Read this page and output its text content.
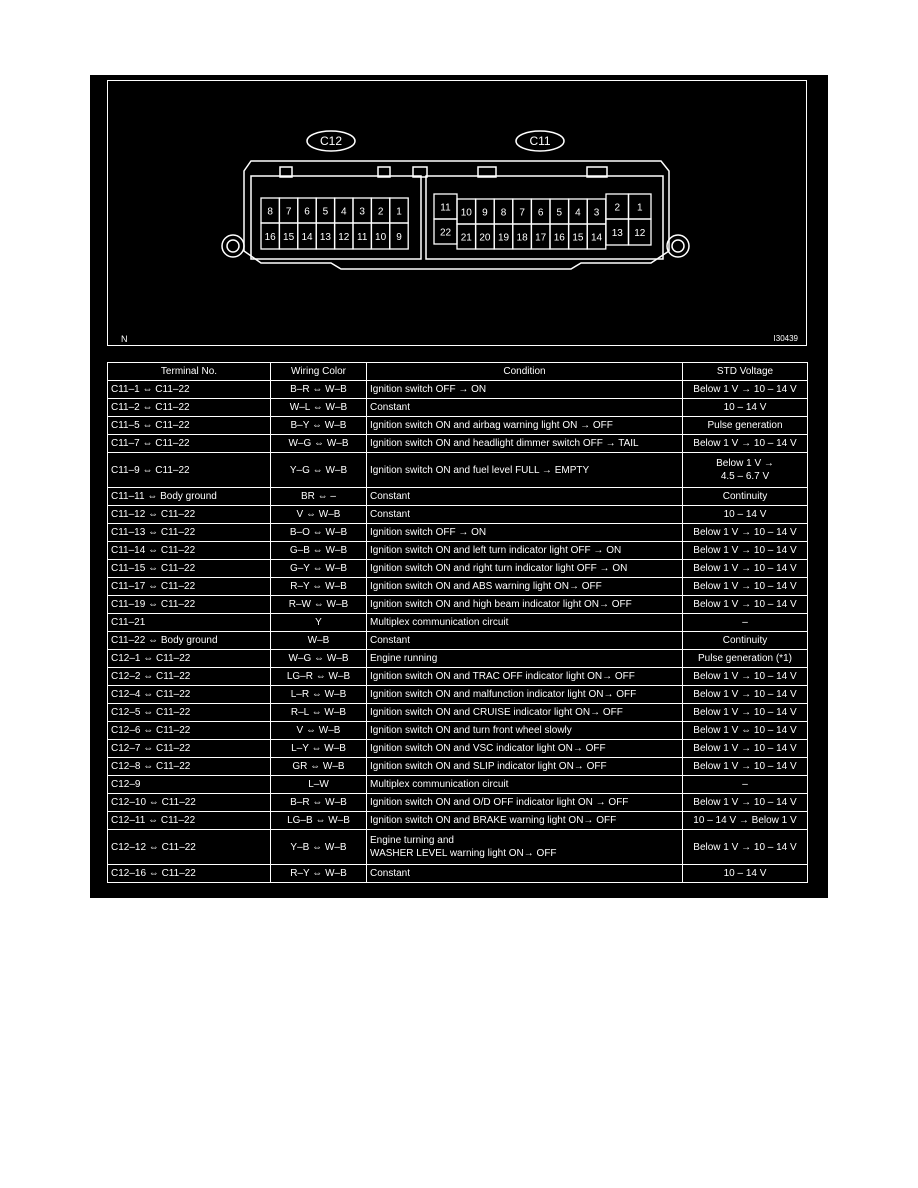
C12	C11
8 7 6 5 4 3 2 1
16 15 14 13 12 11 10 9
11
22
10 9 8 7 6 5 4 3
21 20 19 18 17 16 15 14
2 1
13 12
N	I30439
Terminal No.	Wiring Color	Condition	STD Voltage
C11–1 ⇔ C11–22	B–R ⇔ W–B	Ignition switch OFF → ON	Below 1 V → 10 – 14 V
C11–2 ⇔ C11–22	W–L ⇔ W–B	Constant	10 – 14 V
C11–5 ⇔ C11–22	B–Y ⇔ W–B	Ignition switch ON and airbag warning light ON → OFF	Pulse generation
C11–7 ⇔ C11–22	W–G ⇔ W–B	Ignition switch ON and headlight dimmer switch OFF → TAIL	Below 1 V → 10 – 14 V
C11–9 ⇔ C11–22	Y–G ⇔ W–B	Ignition switch ON and fuel level FULL → EMPTY	Below 1 V →
4.5 – 6.7 V
C11–11 ⇔ Body ground	BR ⇔ –	Constant	Continuity
C11–12 ⇔ C11–22	V ⇔ W–B	Constant	10 – 14 V
C11–13 ⇔ C11–22	B–O ⇔ W–B	Ignition switch OFF → ON	Below 1 V → 10 – 14 V
C11–14 ⇔ C11–22	G–B ⇔ W–B	Ignition switch ON and left turn indicator light OFF → ON	Below 1 V → 10 – 14 V
C11–15 ⇔ C11–22	G–Y ⇔ W–B	Ignition switch ON and right turn indicator light OFF → ON	Below 1 V → 10 – 14 V
C11–17 ⇔ C11–22	R–Y ⇔ W–B	Ignition switch ON and ABS warning light ON→ OFF	Below 1 V → 10 – 14 V
C11–19 ⇔ C11–22	R–W ⇔ W–B	Ignition switch ON and high beam indicator light ON→ OFF	Below 1 V → 10 – 14 V
C11–21	Y	Multiplex communication circuit	–
C11–22 ⇔ Body ground	W–B	Constant	Continuity
C12–1 ⇔ C11–22	W–G ⇔ W–B	Engine running	Pulse generation (*1)
C12–2 ⇔ C11–22	LG–R ⇔ W–B	Ignition switch ON and TRAC OFF indicator light ON→ OFF	Below 1 V → 10 – 14 V
C12–4 ⇔ C11–22	L–R ⇔ W–B	Ignition switch ON and malfunction indicator light ON→ OFF	Below 1 V → 10 – 14 V
C12–5 ⇔ C11–22	R–L ⇔ W–B	Ignition switch ON and CRUISE indicator light ON→ OFF	Below 1 V → 10 – 14 V
C12–6 ⇔ C11–22	V ⇔ W–B	Ignition switch ON and turn front wheel slowly	Below 1 V ⇔ 10 – 14 V
C12–7 ⇔ C11–22	L–Y ⇔ W–B	Ignition switch ON and VSC indicator light ON→ OFF	Below 1 V → 10 – 14 V
C12–8 ⇔ C11–22	GR ⇔ W–B	Ignition switch ON and SLIP indicator light ON→ OFF	Below 1 V → 10 – 14 V
C12–9	L–W	Multiplex communication circuit	–
C12–10 ⇔ C11–22	B–R ⇔ W–B	Ignition switch ON and O/D OFF indicator light ON → OFF	Below 1 V → 10 – 14 V
C12–11 ⇔ C11–22	LG–B ⇔ W–B	Ignition switch ON and BRAKE warning light ON→ OFF	10 – 14 V → Below 1 V
C12–12 ⇔ C11–22	Y–B ⇔ W–B	Engine turning and
WASHER LEVEL warning light ON→ OFF	Below 1 V → 10 – 14 V
C12–16 ⇔ C11–22	R–Y ⇔ W–B	Constant	10 – 14 V
